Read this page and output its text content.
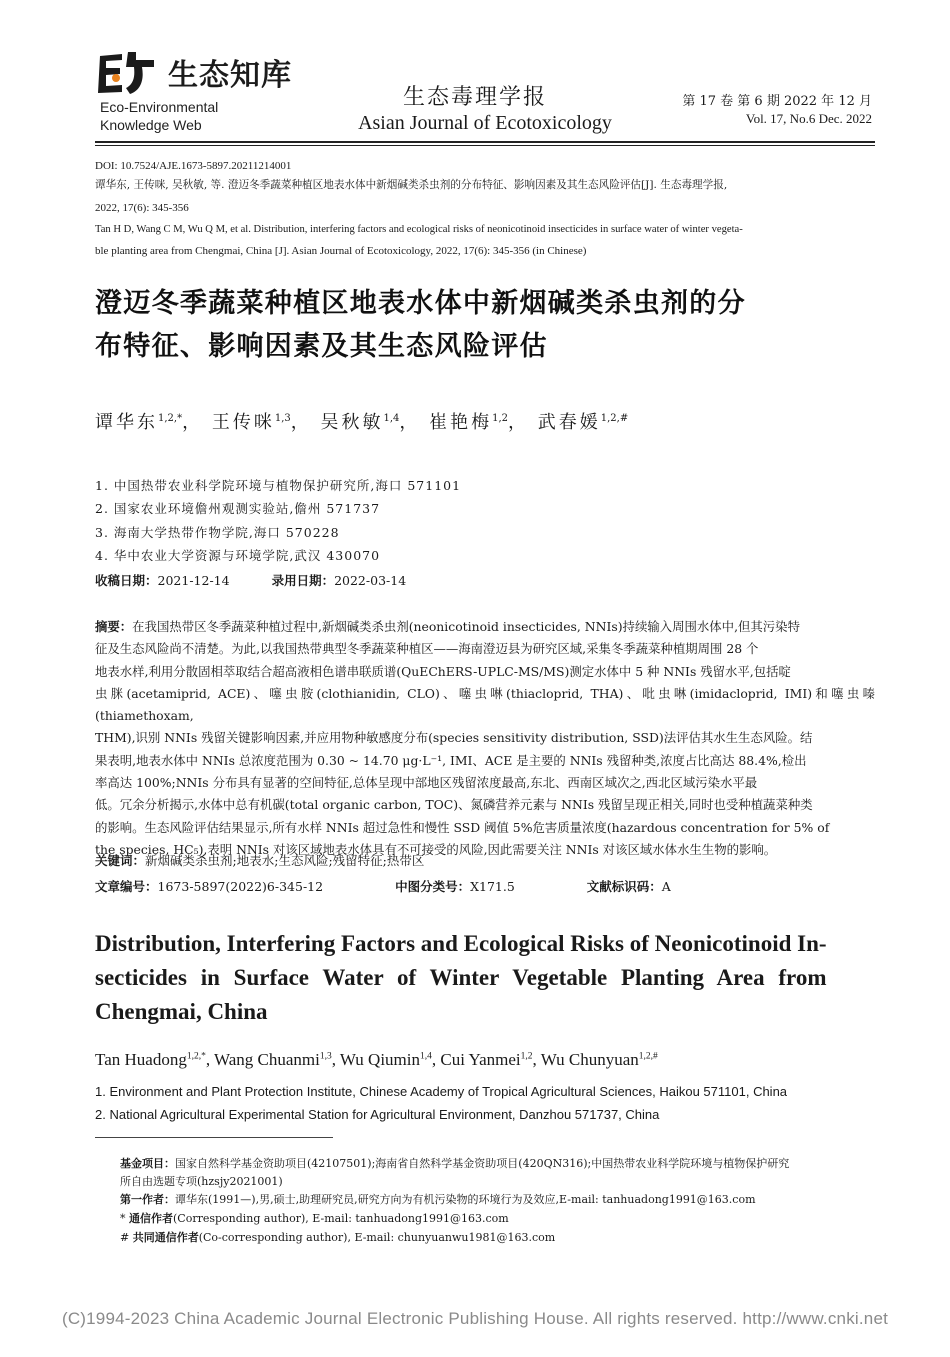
生态知库
Eco-Environmental
Knowledge Web
生态毒理学报
Asian Journal of Ecotoxicology
第 17 卷 第 6 期 2022 年 12 月
Vol. 17, No.6 Dec. 2022
DOI: 10.7524/AJE.1673-5897.20211214001
谭华东, 王传咪, 吴秋敏, 等. 澄迈冬季蔬菜种植区地表水体中新烟碱类杀虫剂的分布特征、影响因素及其生态风险评估[J]. 生态毒理学报,
2022, 17(6): 345-356
Tan H D, Wang C M, Wu Q M, et al. Distribution, interfering factors and ecological risks of neonicotinoid insecticides in surface water of winter vegeta-
ble planting area from Chengmai, China [J]. Asian Journal of Ecotoxicology, 2022, 17(6): 345-356 (in Chinese)
澄迈冬季蔬菜种植区地表水体中新烟碱类杀虫剂的分
布特征、影响因素及其生态风险评估
谭华东$^{1,2,*}$， 王传咪$^{1,3}$， 吴秋敏$^{1,4}$， 崔艳梅$^{1,2}$， 武春媛$^{1,2,\#}$
1. 中国热带农业科学院环境与植物保护研究所,海口 571101
2. 国家农业环境儋州观测实验站,儋州 571737
3. 海南大学热带作物学院,海口 570228
4. 华中农业大学资源与环境学院,武汉 430070
收稿日期：2021-12-14	录用日期：2022-03-14
摘要：在我国热带区冬季蔬菜种植过程中,新烟碱类杀虫剂(neonicotinoid insecticides, NNIs)持续输入周围水体中,但其污染特
征及生态风险尚不清楚。为此,以我国热带典型冬季蔬菜种植区——海南澄迈县为研究区域,采集冬季蔬菜种植期周围 28 个
地表水样,利用分散固相萃取结合超高液相色谱串联质谱(QuEChERS-UPLC-MS/MS)测定水体中 5 种 NNIs 残留水平,包括啶
虫脒(acetamiprid, ACE)、噻虫胺(clothianidin, CLO)、噻虫啉(thiacloprid, THA)、吡虫啉(imidacloprid, IMI)和噻虫嗪(thiamethoxam,
THM),识别 NNIs 残留关键影响因素,并应用物种敏感度分布(species sensitivity distribution, SSD)法评估其水生生态风险。结
果表明,地表水体中 NNIs 总浓度范围为 0.30 ~ 14.70 μg·L⁻¹, IMI、ACE 是主要的 NNIs 残留种类,浓度占比高达 88.4%,检出
率高达 100%;NNIs 分布具有显著的空间特征,总体呈现中部地区残留浓度最高,东北、西南区域次之,西北区域污染水平最
低。冗余分析揭示,水体中总有机碳(total organic carbon, TOC)、氮磷营养元素与 NNIs 残留呈现正相关,同时也受种植蔬菜种类
的影响。生态风险评估结果显示,所有水样 NNIs 超过急性和慢性 SSD 阈值 5%危害质量浓度(hazardous concentration for 5% of
the species, HC₅),表明 NNIs 对该区域地表水体具有不可接受的风险,因此需要关注 NNIs 对该区域水体水生生物的影响。
关键词：新烟碱类杀虫剂;地表水;生态风险;残留特征;热带区
文章编号：1673-5897(2022)6-345-12	中图分类号：X171.5	文献标识码：A
Distribution, Interfering Factors and Ecological Risks of Neonicotinoid In-
secticides in Surface Water of Winter Vegetable Planting Area from
Chengmai, China
Tan Huadong$^{1,2,*}$, Wang Chuanmi$^{1,3}$, Wu Qiumin$^{1,4}$, Cui Yanmei$^{1,2}$, Wu Chunyuan$^{1,2,\#}$
1. Environment and Plant Protection Institute, Chinese Academy of Tropical Agricultural Sciences, Haikou 571101, China
2. National Agricultural Experimental Station for Agricultural Environment, Danzhou 571737, China
基金项目：国家自然科学基金资助项目(42107501);海南省自然科学基金资助项目(420QN316);中国热带农业科学院环境与植物保护研究
所自由选题专项(hzsjy2021001)
第一作者：谭华东(1991—),男,硕士,助理研究员,研究方向为有机污染物的环境行为及效应,E-mail: tanhuadong1991@163.com
* 通信作者(Corresponding author), E-mail: tanhuadong1991@163.com
# 共同通信作者(Co-corresponding author), E-mail: chunyuanwu1981@163.com
(C)1994-2023 China Academic Journal Electronic Publishing House. All rights reserved. http://www.cnki.net
